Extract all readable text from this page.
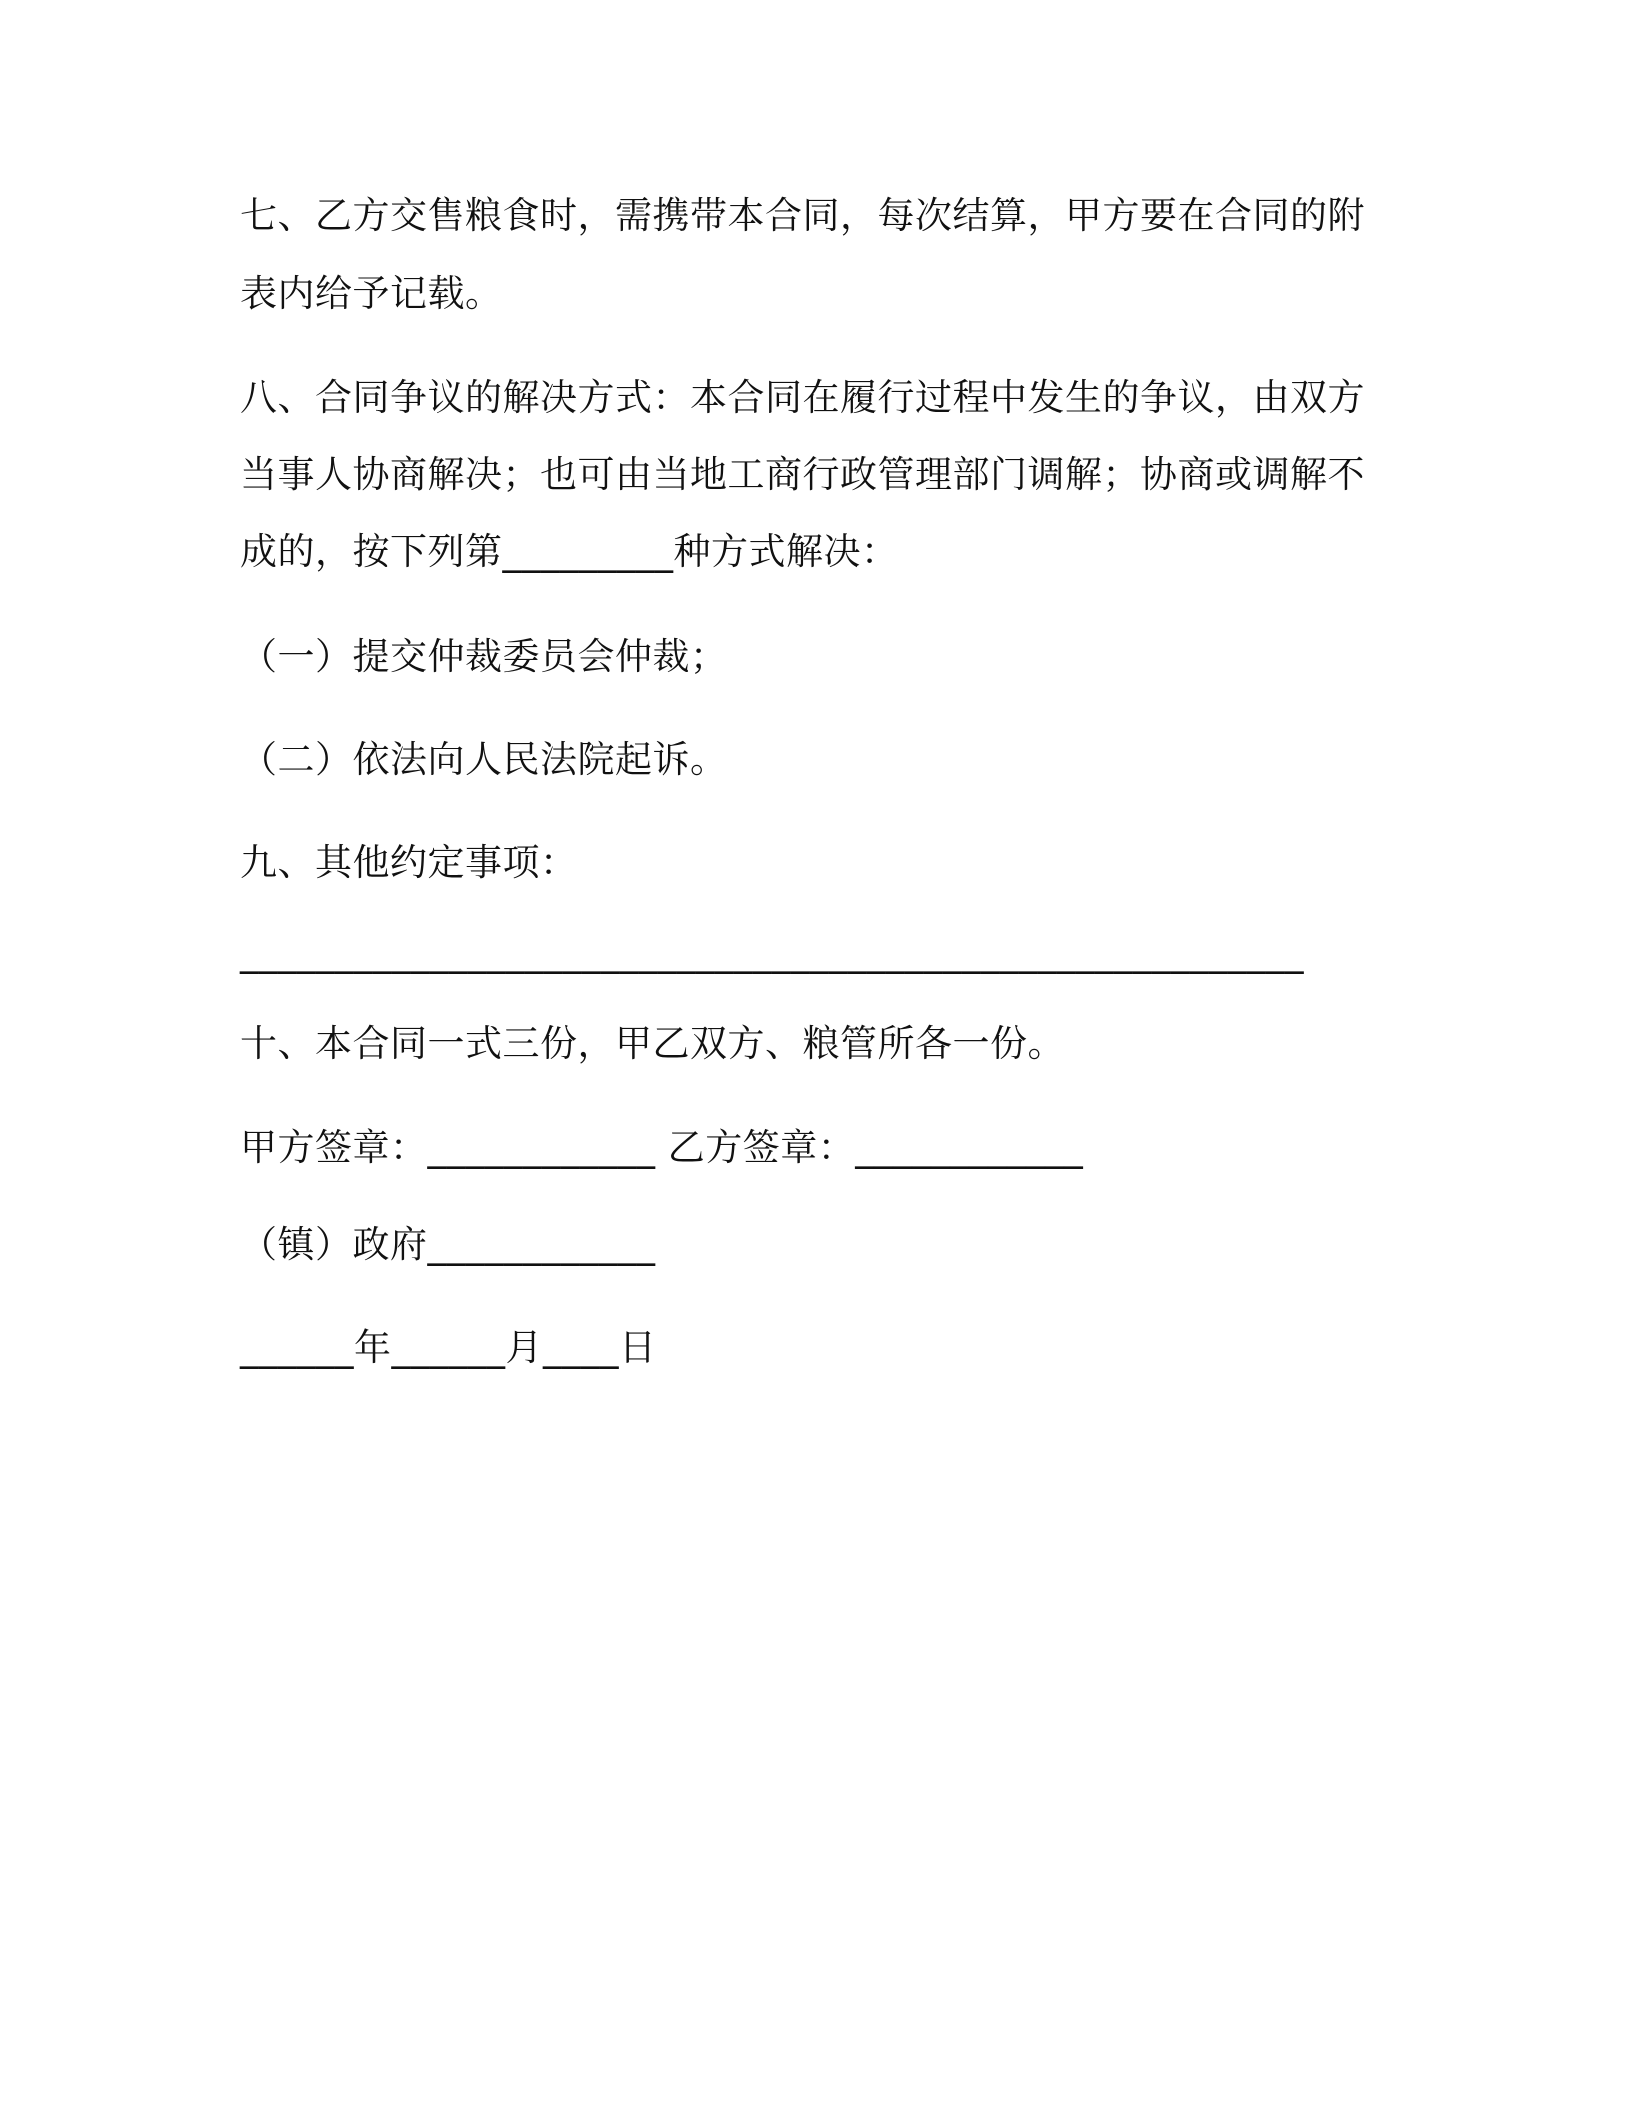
七、乙方交售粮食时，需携带本合同，每次结算，甲方要在合同的附
表内给予记载。
八、合同争议的解决方式：本合同在履行过程中发生的争议，由双方
当事人协商解决；也可由当地工商行政管理部门调解；协商或调解不
成的，按下列第_________种方式解决：
（一）提交仲裁委员会仲裁；
（二）依法向人民法院起诉。
九、其他约定事项：
________________________________________________________
十、本合同一式三份，甲乙双方、粮管所各一份。
甲方签章：____________ 乙方签章：____________
（镇）政府____________
______年______月____日
